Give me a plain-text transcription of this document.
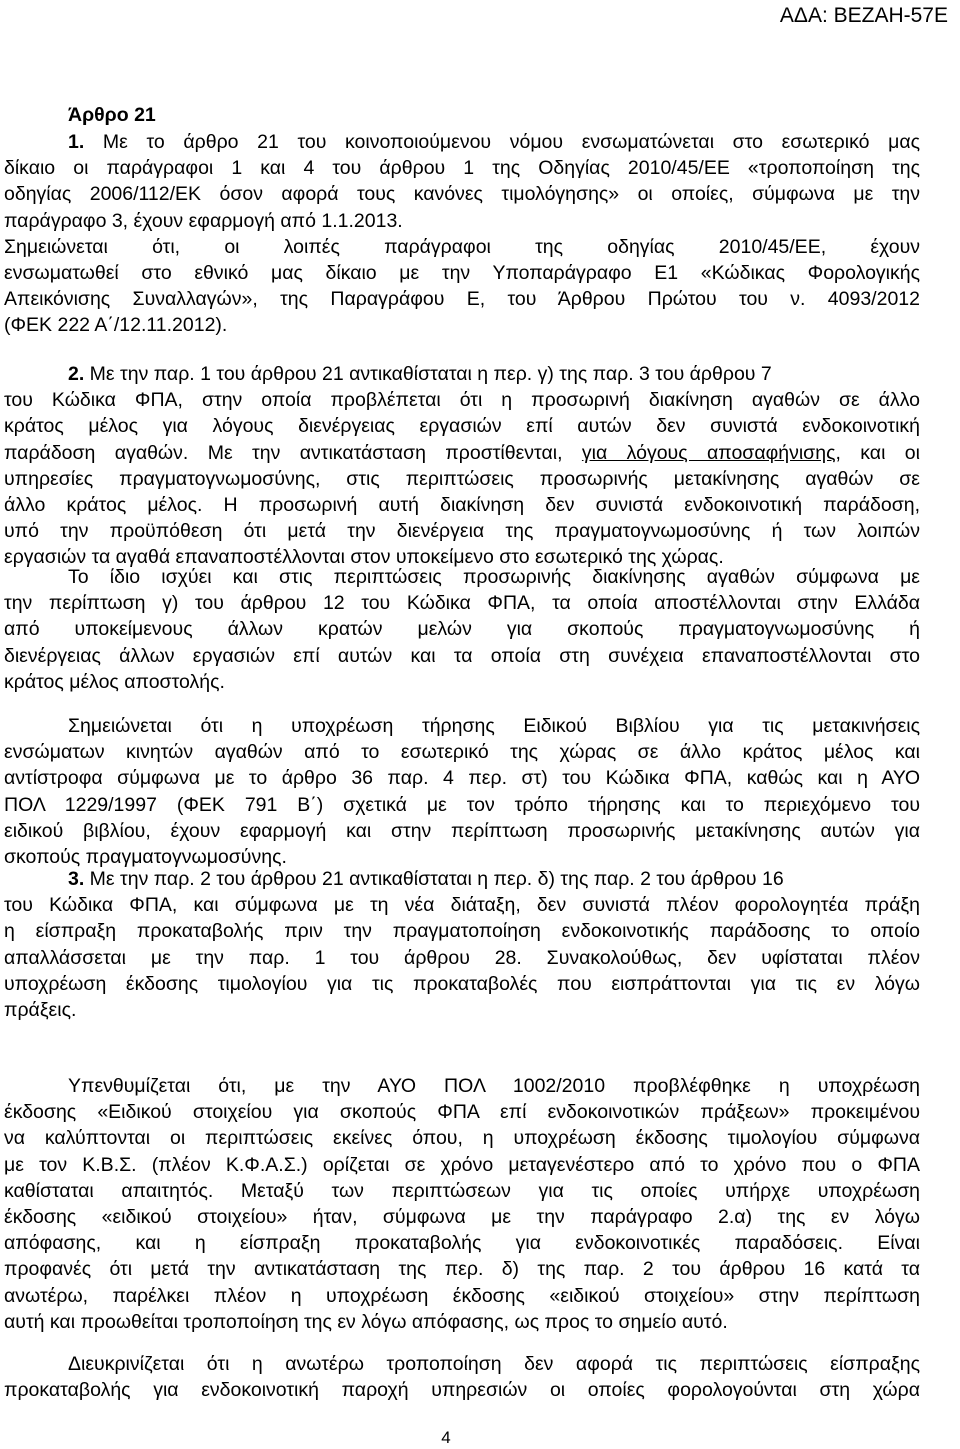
ΑΔΑ: ΒΕΖΑΗ-57Ε
Άρθρο 21
1. Με το άρθρο 21 του κοινοποιούμενου νόμου ενσωματώνεται στο εσωτερικό μας
δίκαιο οι παράγραφοι 1 και 4 του άρθρου 1 της Οδηγίας 2010/45/ΕΕ «τροποποίηση της
οδηγίας 2006/112/ΕΚ όσον αφορά τους κανόνες τιμολόγησης» οι οποίες, σύμφωνα με την
παράγραφο 3, έχουν εφαρμογή από 1.1.2013.
Σημειώνεται ότι, οι λοιπές παράγραφοι της οδηγίας 2010/45/ΕΕ, έχουν
ενσωματωθεί στο εθνικό μας δίκαιο με την Υποπαράγραφο Ε1 «Κώδικας Φορολογικής
Απεικόνισης Συναλλαγών», της Παραγράφου Ε, του Άρθρου Πρώτου του ν. 4093/2012
(ΦΕΚ 222 Α΄/12.11.2012).
2. Με την παρ. 1 του άρθρου 21 αντικαθίσταται η περ. γ) της παρ. 3 του άρθρου 7
του Κώδικα ΦΠΑ, στην οποία προβλέπεται ότι η προσωρινή διακίνηση αγαθών σε άλλο
κράτος μέλος για λόγους διενέργειας εργασιών επί αυτών δεν συνιστά ενδοκοινοτική
παράδοση αγαθών. Με την αντικατάσταση προστίθενται, για λόγους αποσαφήνισης, και οι
υπηρεσίες πραγματογνωμοσύνης, στις περιπτώσεις προσωρινής μετακίνησης αγαθών σε
άλλο κράτος μέλος. Η προσωρινή αυτή διακίνηση δεν συνιστά ενδοκοινοτική παράδοση,
υπό την προϋπόθεση ότι μετά την διενέργεια της πραγματογνωμοσύνης ή των λοιπών
εργασιών τα αγαθά επαναποστέλλονται στον υποκείμενο στο εσωτερικό της χώρας.
Το ίδιο ισχύει και στις περιπτώσεις προσωρινής διακίνησης αγαθών σύμφωνα με
την περίπτωση γ) του άρθρου 12 του Κώδικα ΦΠΑ, τα οποία αποστέλλονται στην Ελλάδα
από υποκείμενους άλλων κρατών μελών για σκοπούς πραγματογνωμοσύνης ή
διενέργειας άλλων εργασιών επί αυτών και τα οποία στη συνέχεια επαναποστέλλονται στο
κράτος μέλος αποστολής.
Σημειώνεται ότι η υποχρέωση τήρησης Ειδικού Βιβλίου για τις μετακινήσεις
ενσώματων κινητών αγαθών από το εσωτερικό της χώρας σε άλλο κράτος μέλος και
αντίστροφα σύμφωνα με το άρθρο 36 παρ. 4 περ. στ) του Κώδικα ΦΠΑ, καθώς και η ΑΥΟ
ΠΟΛ 1229/1997 (ΦΕΚ 791 Β΄) σχετικά με τον τρόπο τήρησης και το περιεχόμενο του
ειδικού βιβλίου, έχουν εφαρμογή και στην περίπτωση προσωρινής μετακίνησης αυτών για
σκοπούς πραγματογνωμοσύνης.
3. Με την παρ. 2 του άρθρου 21 αντικαθίσταται η περ. δ) της παρ. 2 του άρθρου 16
του Κώδικα ΦΠΑ, και σύμφωνα με τη νέα διάταξη, δεν συνιστά πλέον φορολογητέα πράξη
η είσπραξη προκαταβολής πριν την πραγματοποίηση ενδοκοινοτικής παράδοσης το οποίο
απαλλάσσεται με την παρ. 1 του άρθρου 28. Συνακολούθως, δεν υφίσταται πλέον
υποχρέωση έκδοσης τιμολογίου για τις προκαταβολές που εισπράττονται για τις εν λόγω
πράξεις.
Υπενθυμίζεται ότι, με την ΑΥΟ ΠΟΛ 1002/2010 προβλέφθηκε η υποχρέωση
έκδοσης «Ειδικού στοιχείου για σκοπούς ΦΠΑ επί ενδοκοινοτικών πράξεων» προκειμένου
να καλύπτονται οι περιπτώσεις εκείνες όπου, η υποχρέωση έκδοσης τιμολογίου σύμφωνα
με τον Κ.Β.Σ. (πλέον Κ.Φ.Α.Σ.) ορίζεται σε χρόνο μεταγενέστερο από το χρόνο που ο ΦΠΑ
καθίσταται απαιτητός. Μεταξύ των περιπτώσεων για τις οποίες υπήρχε υποχρέωση
έκδοσης «ειδικού στοιχείου» ήταν, σύμφωνα με την παράγραφο 2.α) της εν λόγω
απόφασης, και η είσπραξη προκαταβολής για ενδοκοινοτικές παραδόσεις. Είναι
προφανές ότι μετά την αντικατάσταση της περ. δ) της παρ. 2 του άρθρου 16 κατά τα
ανωτέρω, παρέλκει πλέον η υποχρέωση έκδοσης «ειδικού στοιχείου» στην περίπτωση
αυτή και προωθείται τροποποίηση της εν λόγω απόφασης, ως προς το σημείο αυτό.
Διευκρινίζεται ότι η ανωτέρω τροποποίηση δεν αφορά τις περιπτώσεις είσπραξης
προκαταβολής για ενδοκοινοτική παροχή υπηρεσιών οι οποίες φορολογούνται στη χώρα
4
